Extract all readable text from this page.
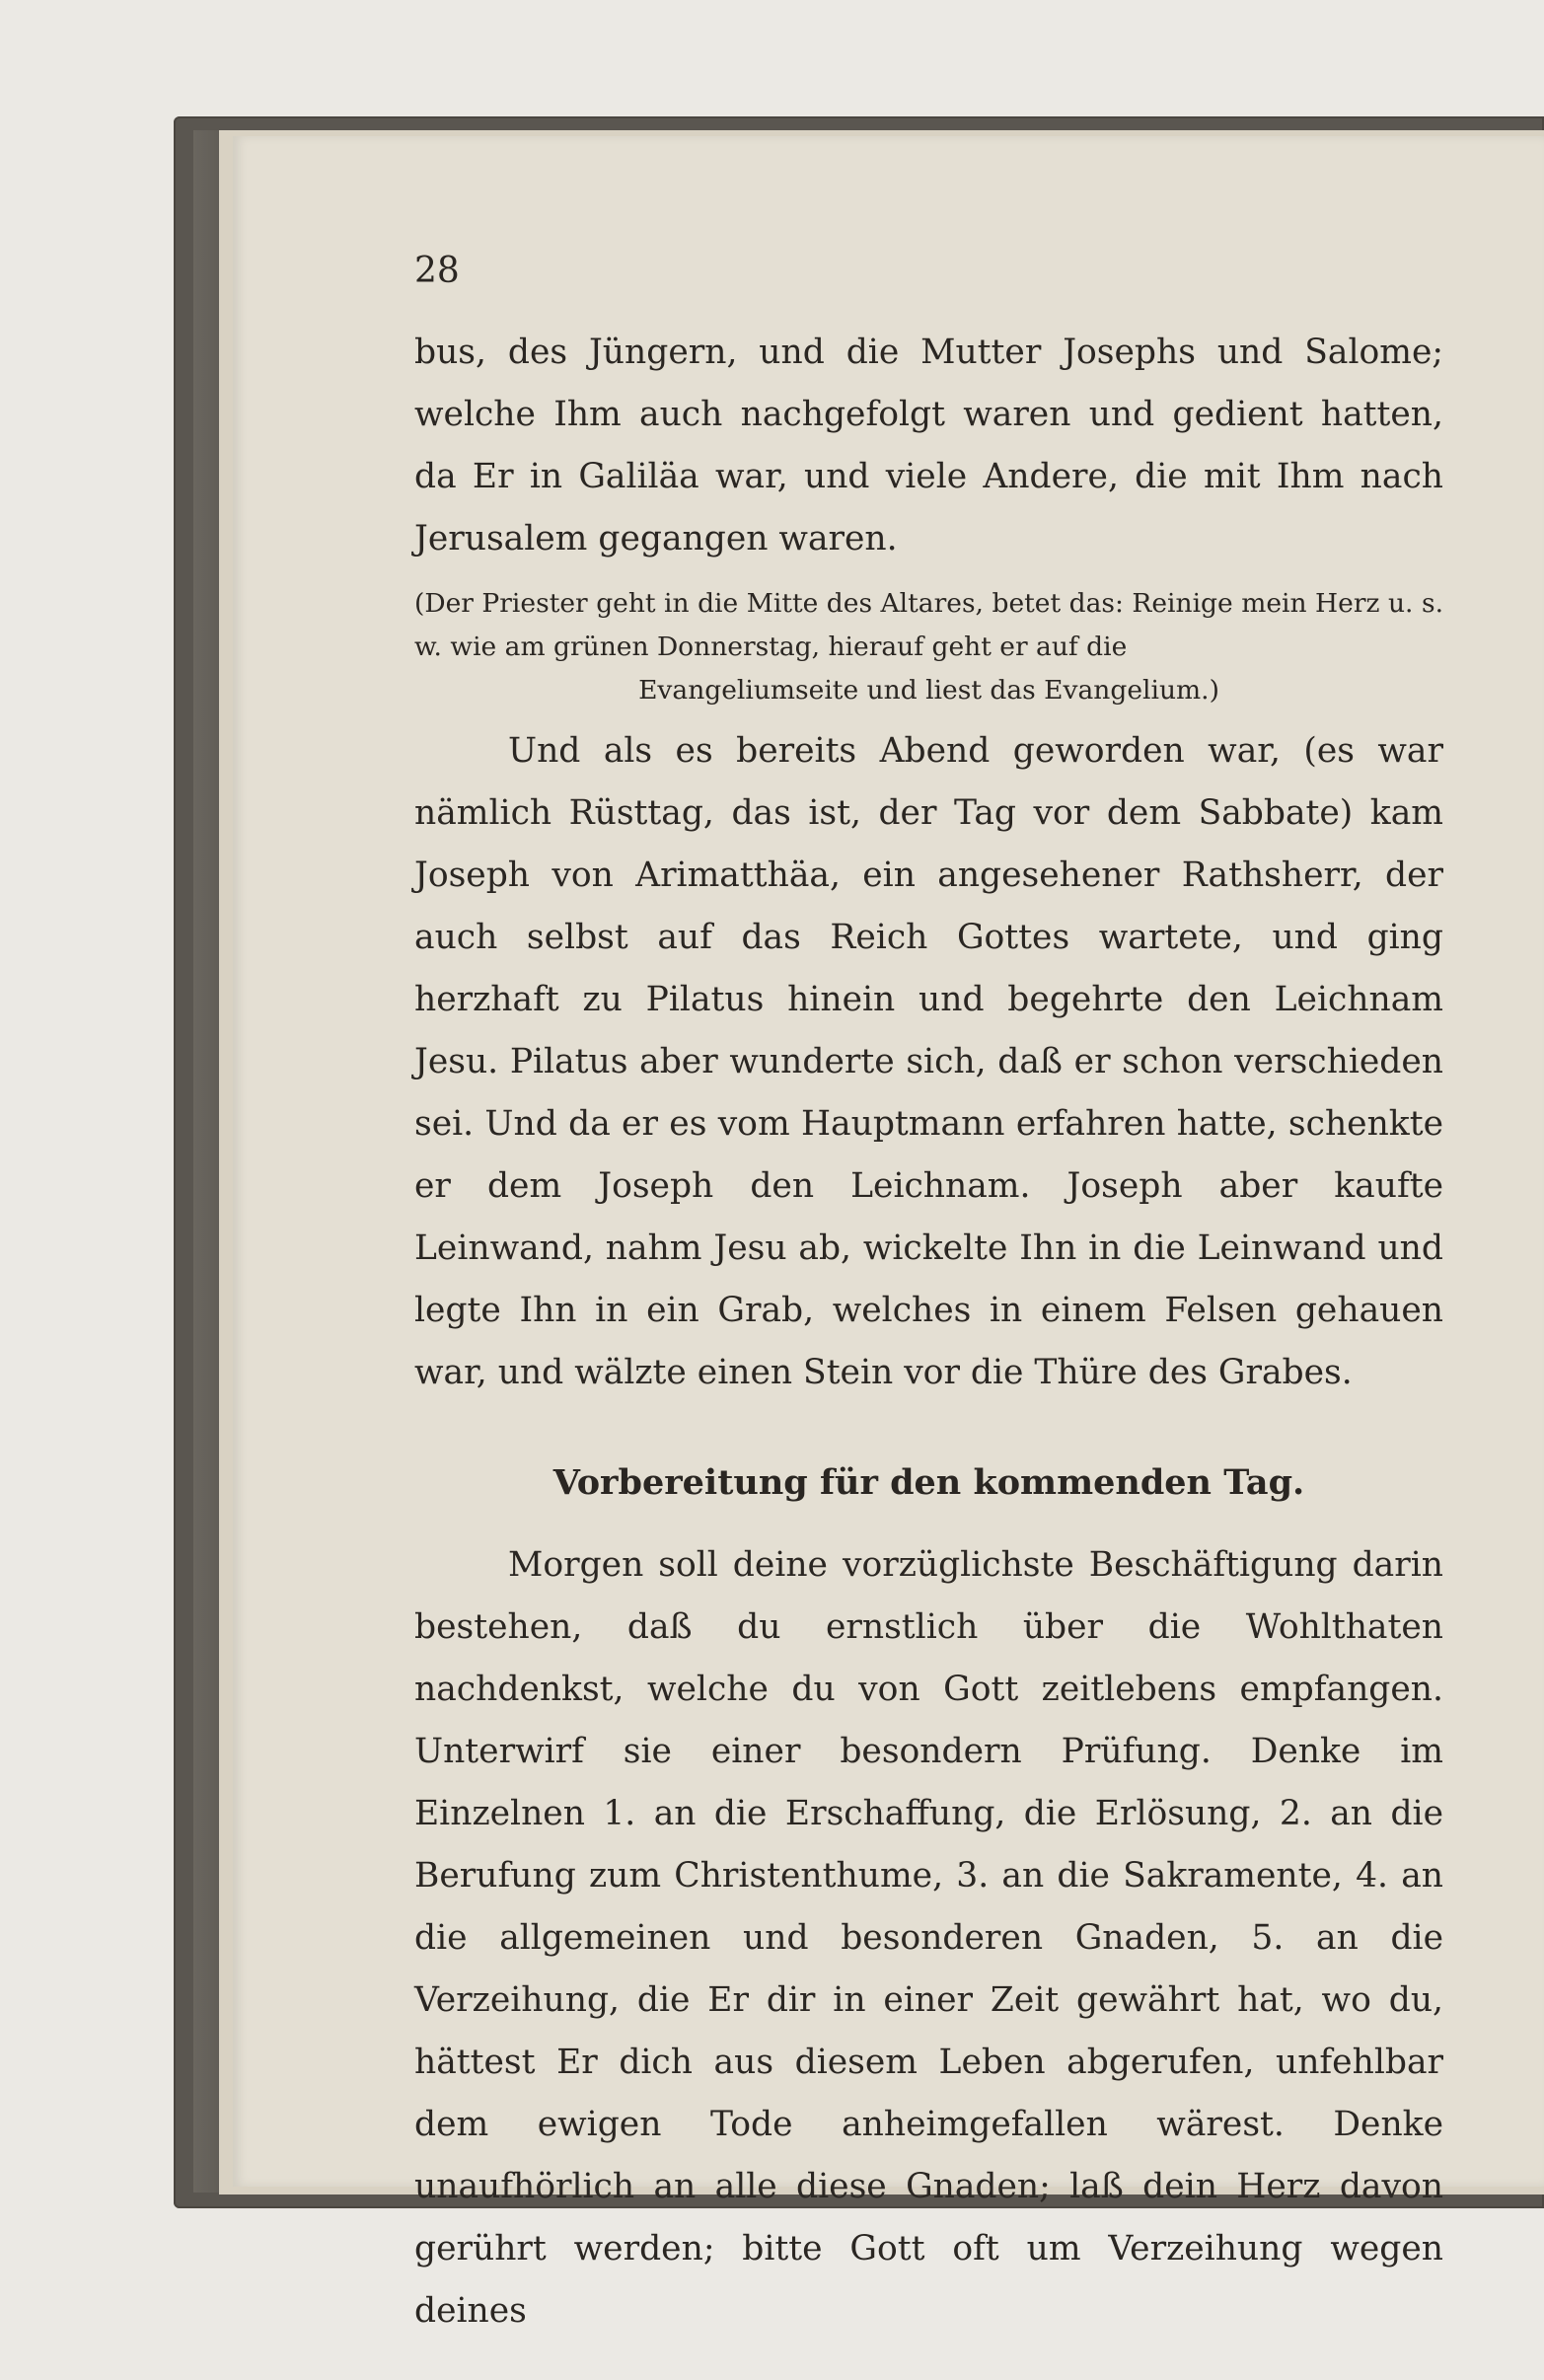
28

bus, des Jüngern, und die Mutter Josephs und Salome; welche Ihm auch nachgefolgt waren und gedient hatten, da Er in Galiläa war, und viele Andere, die mit Ihm nach Jerusalem gegangen waren.

(Der Priester geht in die Mitte des Altares, betet das: Reinige mein Herz u. s. w. wie am grünen Donnerstag, hierauf geht er auf die

Evangeliumseite und liest das Evangelium.)

Und als es bereits Abend geworden war, (es war nämlich Rüsttag, das ist, der Tag vor dem Sabbate) kam Joseph von Arimatthäa, ein angesehener Rathsherr, der auch selbst auf das Reich Gottes wartete, und ging herzhaft zu Pilatus hinein und begehrte den Leichnam Jesu. Pilatus aber wunderte sich, daß er schon verschieden sei. Und da er es vom Hauptmann erfahren hatte, schenkte er dem Joseph den Leichnam. Joseph aber kaufte Leinwand, nahm Jesu ab, wickelte Ihn in die Leinwand und legte Ihn in ein Grab, welches in einem Felsen gehauen war, und wälzte einen Stein vor die Thüre des Grabes.

Vorbereitung für den kommenden Tag.

Morgen soll deine vorzüglichste Beschäftigung darin bestehen, daß du ernstlich über die Wohlthaten nachdenkst, welche du von Gott zeitlebens empfangen. Unterwirf sie einer besondern Prüfung. Denke im Einzelnen 1. an die Erschaffung, die Erlösung, 2. an die Berufung zum Christenthume, 3. an die Sakramente, 4. an die allgemeinen und besonderen Gnaden, 5. an die Verzeihung, die Er dir in einer Zeit gewährt hat, wo du, hättest Er dich aus diesem Leben abgerufen, unfehlbar dem ewigen Tode anheimgefallen wärest. Denke unaufhörlich an alle diese Gnaden; laß dein Herz davon gerührt werden; bitte Gott oft um Verzeihung wegen deines
